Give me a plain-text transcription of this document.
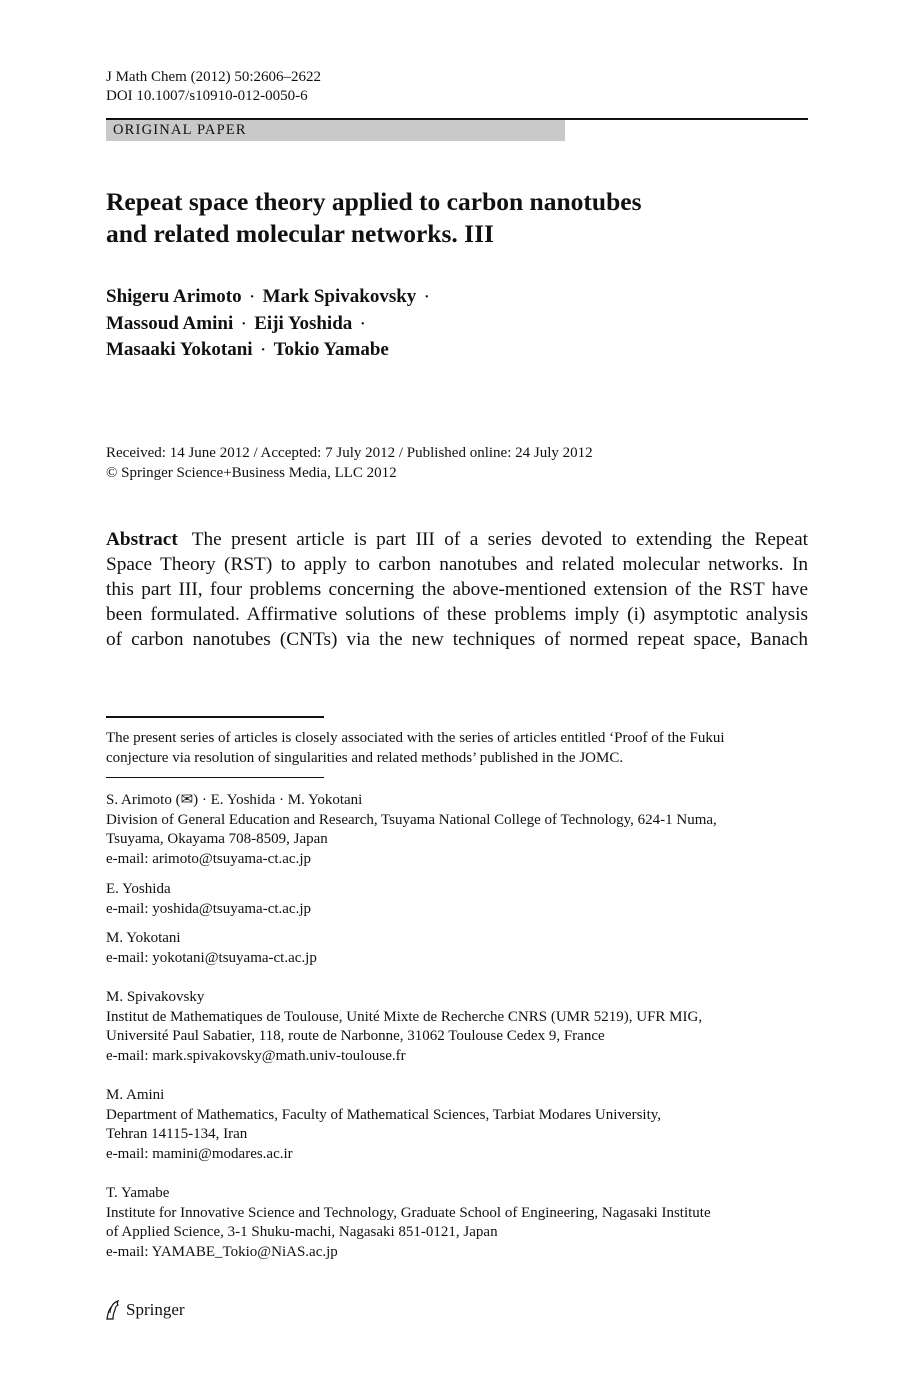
J Math Chem (2012) 50:2606–2622
DOI 10.1007/s10910-012-0050-6
ORIGINAL PAPER
Repeat space theory applied to carbon nanotubes
and related molecular networks. III
Shigeru Arimoto · Mark Spivakovsky ·
Massoud Amini · Eiji Yoshida ·
Masaaki Yokotani · Tokio Yamabe
Received: 14 June 2012 / Accepted: 7 July 2012 / Published online: 24 July 2012
© Springer Science+Business Media, LLC 2012
Abstract The present article is part III of a series devoted to extending the Repeat
Space Theory (RST) to apply to carbon nanotubes and related molecular networks. In
this part III, four problems concerning the above-mentioned extension of the RST have
been formulated. Affirmative solutions of these problems imply (i) asymptotic analysis
of carbon nanotubes (CNTs) via the new techniques of normed repeat space, Banach
The present series of articles is closely associated with the series of articles entitled ‘Proof of the Fukui
conjecture via resolution of singularities and related methods’ published in the JOMC.
S. Arimoto (✉) · E. Yoshida · M. Yokotani
Division of General Education and Research, Tsuyama National College of Technology, 624-1 Numa,
Tsuyama, Okayama 708-8509, Japan
e-mail: arimoto@tsuyama-ct.ac.jp
E. Yoshida
e-mail: yoshida@tsuyama-ct.ac.jp
M. Yokotani
e-mail: yokotani@tsuyama-ct.ac.jp
M. Spivakovsky
Institut de Mathematiques de Toulouse, Unité Mixte de Recherche CNRS (UMR 5219), UFR MIG,
Université Paul Sabatier, 118, route de Narbonne, 31062 Toulouse Cedex 9, France
e-mail: mark.spivakovsky@math.univ-toulouse.fr
M. Amini
Department of Mathematics, Faculty of Mathematical Sciences, Tarbiat Modares University,
Tehran 14115-134, Iran
e-mail: mamini@modares.ac.ir
T. Yamabe
Institute for Innovative Science and Technology, Graduate School of Engineering, Nagasaki Institute
of Applied Science, 3-1 Shuku-machi, Nagasaki 851-0121, Japan
e-mail: YAMABE_Tokio@NiAS.ac.jp
Springer
